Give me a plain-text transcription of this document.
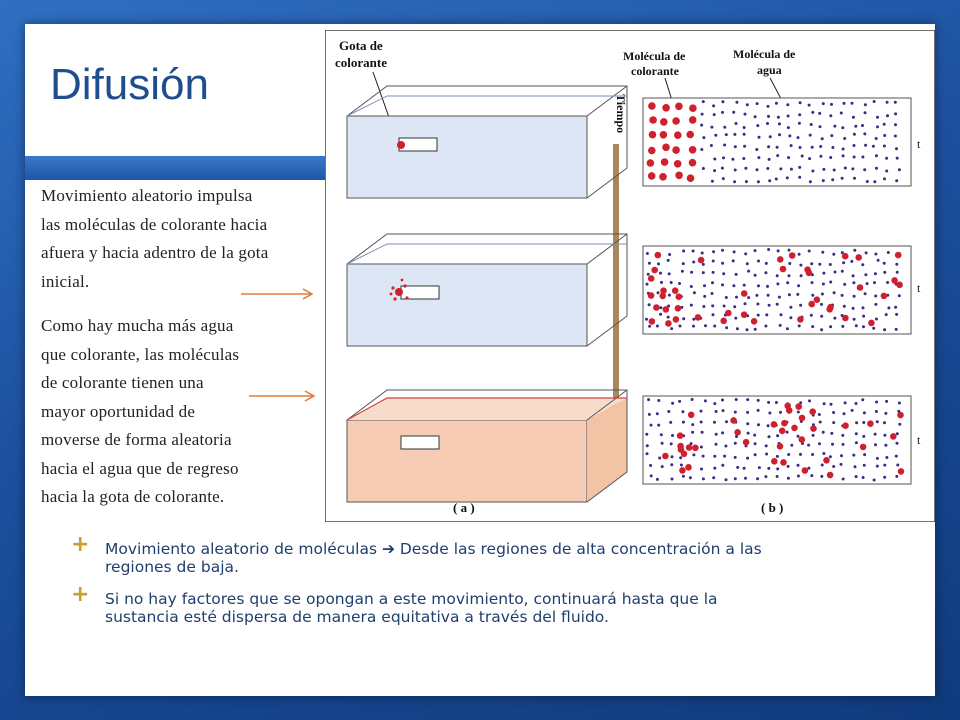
Difusión
Movimiento aleatorio impulsa
las moléculas de colorante hacia
afuera y hacia adentro de la gota
inicial.
Como hay mucha más agua
que colorante, las moléculas
de colorante tienen una
mayor oportunidad de
moverse de forma aleatoria
hacia el agua que de regreso
hacia la gota de colorante.
Gota de
colorante	Molécula de
colorante
Molécula de
agua
Tiempo
t
t
t
( a )	( b )
+ Movimiento aleatorio de moléculas ➔ Desde las regiones de alta concentración a las
regiones de baja.
+ Si no hay factores que se opongan a este movimiento, continuará hasta que la
sustancia esté dispersa de manera equitativa a través del fluido.
